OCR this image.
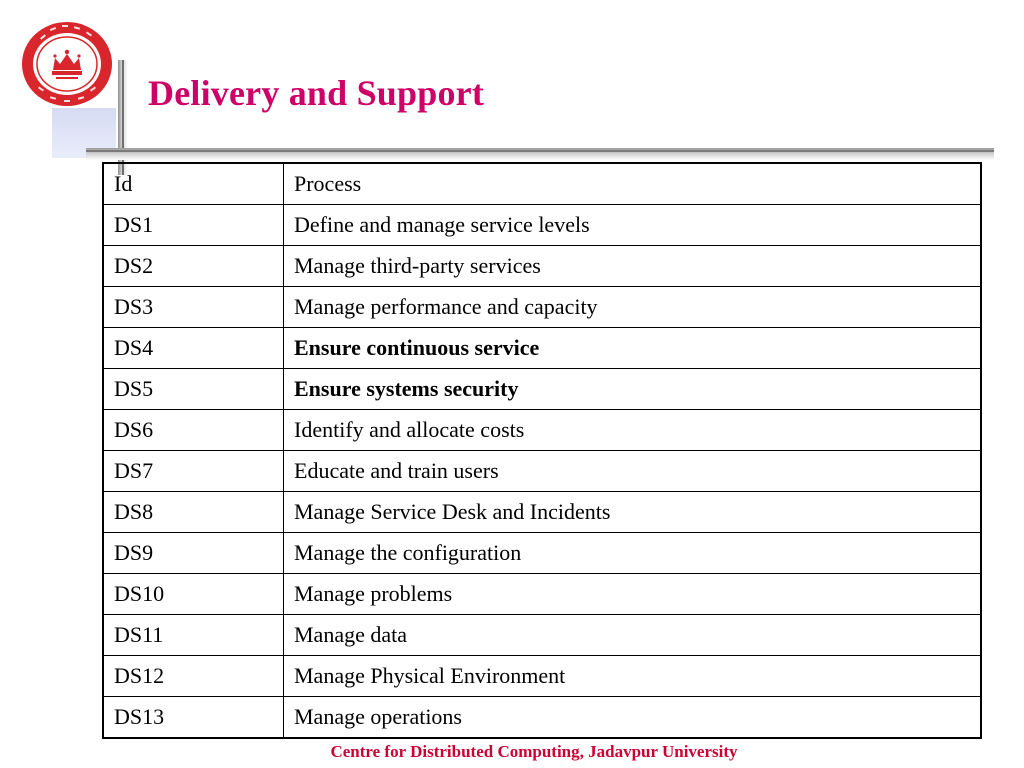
Delivery and Support
Id	Process
DS1	Define and manage service levels
DS2	Manage third-party services
DS3	Manage performance and capacity
DS4	Ensure continuous service
DS5	Ensure systems security
DS6	Identify and allocate costs
DS7	Educate and train users
DS8	Manage Service Desk and Incidents
DS9	Manage the configuration
DS10	Manage problems
DS11	Manage data
DS12	Manage Physical Environment
DS13	Manage operations
Centre for Distributed Computing, Jadavpur University
